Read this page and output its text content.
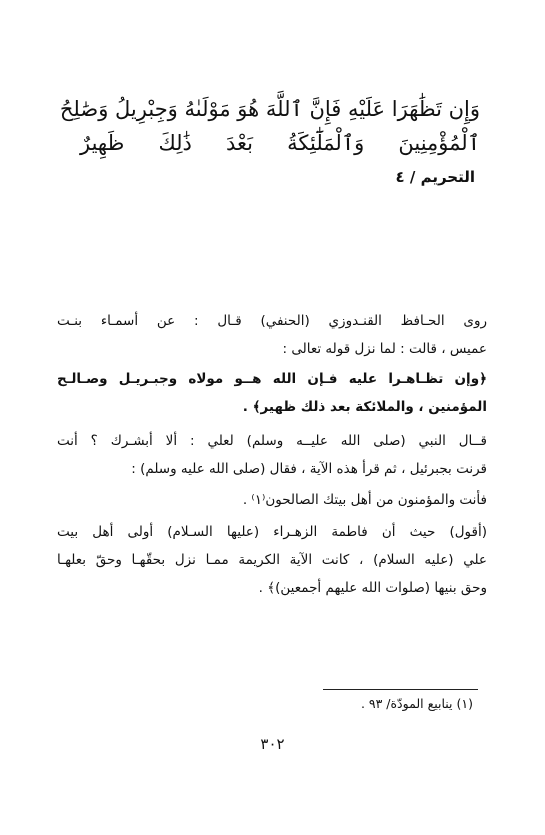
وَإِن تَظَٰهَرَا عَلَيْهِ فَإِنَّ ٱللَّهَ هُوَ مَوْلَىٰهُ وَجِبْرِيلُ وَصَٰلِحُ
ٱلْمُؤْمِنِينَ وَٱلْمَلَٰٓئِكَةُ بَعْدَ ذَٰلِكَ ظَهِيرٌ
التحريم / ٤
روى الحـافظ القنـدوزي (الحنفي) قـال : عن أسمـاء بنـت
عميس ، قالت : لما نزل قوله تعالى :
﴿وإن تظـاهـرا عليه فـإن الله هــو مولاه وجبـريـل وصـالـح
المؤمنين ، والملائكة بعد ذلك ظهير﴾ .
قــال النبي (صلى الله عليــه وسلم) لعلي : ألا أبشـرك ؟ أنت
قرنت بجبرئيل ، ثم قرأ هذه الآية ، فقال (صلى الله عليه وسلم) :
فأنت والمؤمنون من أهل بيتك الصالحون⁽١⁾ .
(أقول) حيث أن فاطمة الزهـراء (عليها السـلام) أولى أهل بيت
علي (عليه السلام) ، كانت الآية الكريمة ممـا نزل بحقّهـا وحقّ بعلهـا
وحق بنيها (صلوات الله عليهم أجمعين)﴾ .
(١) ينابيع المودّة/ ٩٣ .
٣٠٢
